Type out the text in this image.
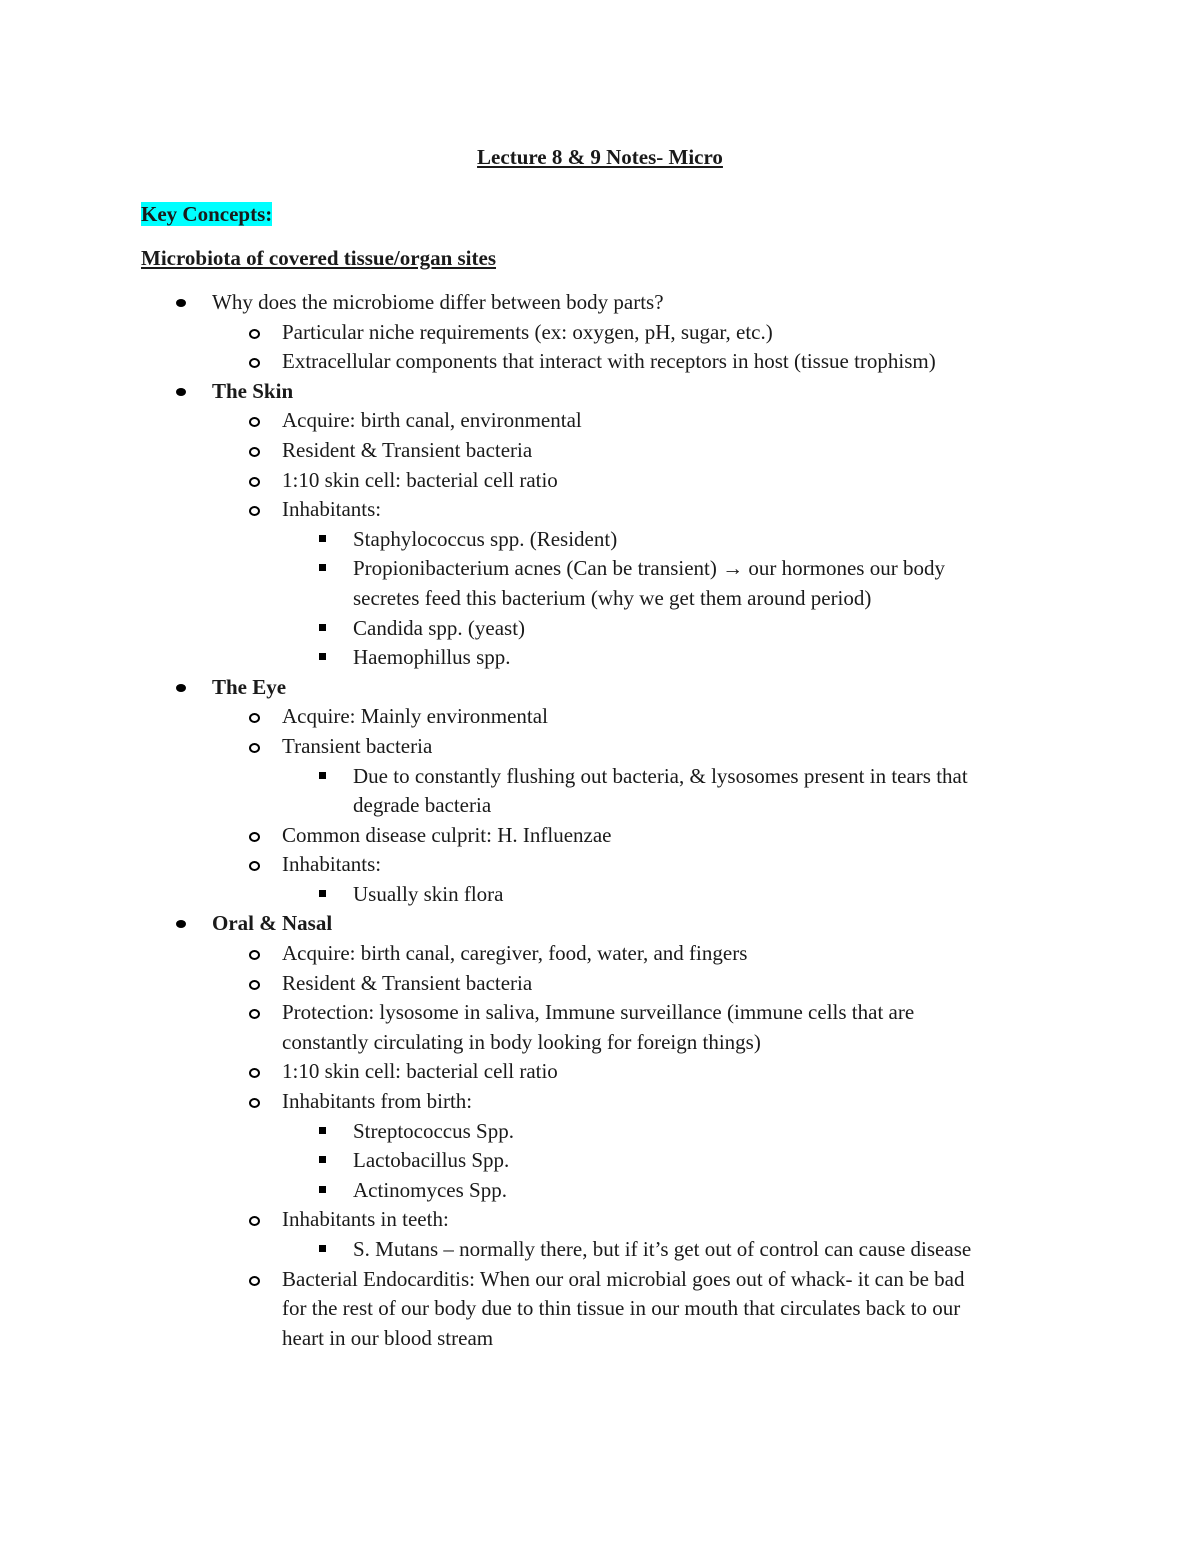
Lecture 8 & 9 Notes- Micro
Key Concepts:
Microbiota of covered tissue/organ sites
Why does the microbiome differ between body parts?
Particular niche requirements (ex: oxygen, pH, sugar, etc.)
Extracellular components that interact with receptors in host (tissue trophism)
The Skin
Acquire: birth canal, environmental
Resident & Transient bacteria
1:10 skin cell: bacterial cell ratio
Inhabitants:
Staphylococcus spp. (Resident)
Propionibacterium acnes (Can be transient) → our hormones our body
secretes feed this bacterium (why we get them around period)
Candida spp. (yeast)
Haemophillus spp.
The Eye
Acquire: Mainly environmental
Transient bacteria
Due to constantly flushing out bacteria, & lysosomes present in tears that
degrade bacteria
Common disease culprit: H. Influenzae
Inhabitants:
Usually skin flora
Oral & Nasal
Acquire: birth canal, caregiver, food, water, and fingers
Resident & Transient bacteria
Protection: lysosome in saliva, Immune surveillance (immune cells that are
constantly circulating in body looking for foreign things)
1:10 skin cell: bacterial cell ratio
Inhabitants from birth:
Streptococcus Spp.
Lactobacillus Spp.
Actinomyces Spp.
Inhabitants in teeth:
S. Mutans – normally there, but if it’s get out of control can cause disease
Bacterial Endocarditis: When our oral microbial goes out of whack- it can be bad
for the rest of our body due to thin tissue in our mouth that circulates back to our
heart in our blood stream
